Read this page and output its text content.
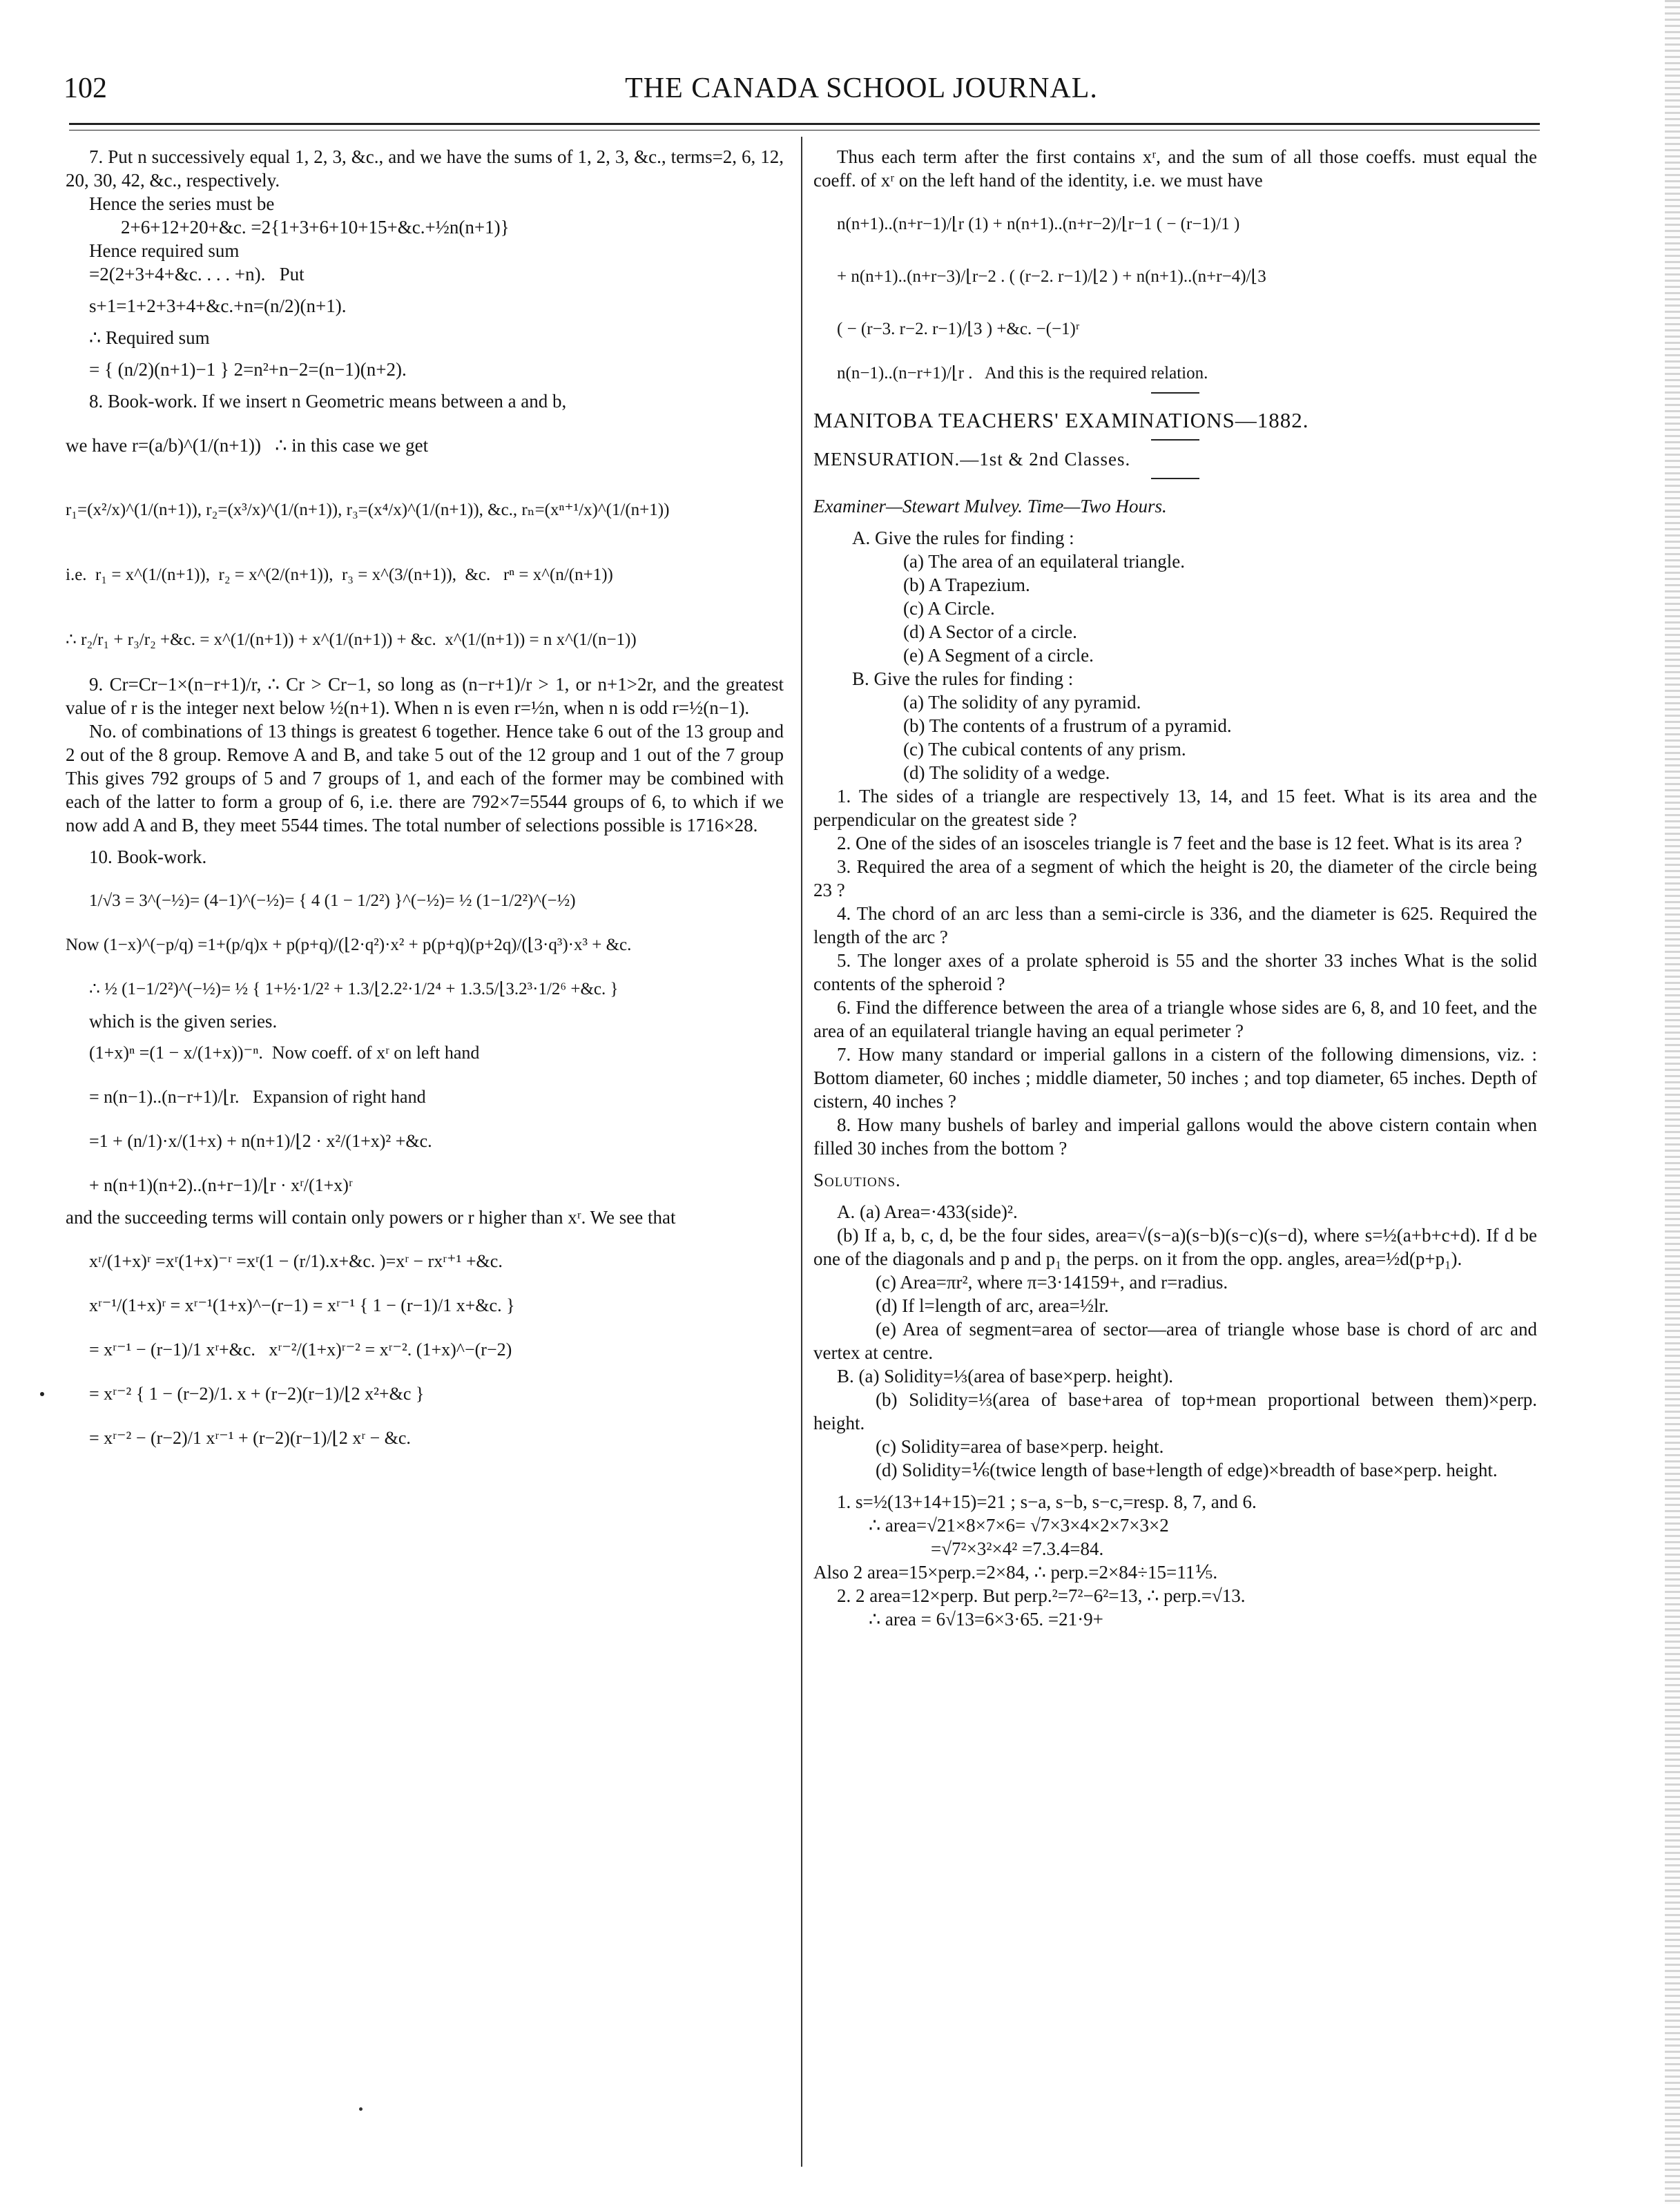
102	THE CANADA SCHOOL JOURNAL.

7. Put n successively equal 1, 2, 3, &c., and we have the sums of 1, 2, 3, &c., terms=2, 6, 12, 20, 30, 42, &c., respectively.

Hence the series must be

2+6+12+20+&c. =2{1+3+6+10+15+&c.+½n(n+1)}

Hence required sum

=2(2+3+4+&c. . . . +n).   Put

s+1=1+2+3+4+&c.+n=(n/2)(n+1).

∴ Required sum

= { (n/2)(n+1)−1 } 2=n²+n−2=(n−1)(n+2).

8. Book-work. If we insert n Geometric means between a and b,

we have r=(a/b)^(1/(n+1))   ∴ in this case we get

r₁=(x²/x)^(1/(n+1)), r₂=(x³/x)^(1/(n+1)), r₃=(x⁴/x)^(1/(n+1)), &c., rₙ=(xⁿ⁺¹/x)^(1/(n+1))

i.e.  r₁ = x^(1/(n+1)),  r₂ = x^(2/(n+1)),  r₃ = x^(3/(n+1)),  &c.   rⁿ = x^(n/(n+1))

∴ r₂/r₁ + r₃/r₂ +&c. = x^(1/(n+1)) + x^(1/(n+1)) + &c.  x^(1/(n+1)) = n x^(1/(n−1))

9. Cr=Cr−1×(n−r+1)/r, ∴ Cr > Cr−1, so long as (n−r+1)/r > 1, or n+1>2r, and the greatest value of r is the integer next below ½(n+1). When n is even r=½n, when n is odd r=½(n−1).

No. of combinations of 13 things is greatest 6 together. Hence take 6 out of the 13 group and 2 out of the 8 group. Remove A and B, and take 5 out of the 12 group and 1 out of the 7 group This gives 792 groups of 5 and 7 groups of 1, and each of the former may be combined with each of the latter to form a group of 6, i.e. there are 792×7=5544 groups of 6, to which if we now add A and B, they meet 5544 times. The total number of selections possible is 1716×28.

10. Book-work.

1/√3 = 3^(−½)= (4−1)^(−½)= { 4 (1 − 1/2²) }^(−½)= ½ (1−1/2²)^(−½)

Now (1−x)^(−p/q) =1+(p/q)x + p(p+q)/(⌊2·q²)·x² + p(p+q)(p+2q)/(⌊3·q³)·x³ + &c.

∴ ½ (1−1/2²)^(−½)= ½ { 1+½·1/2² + 1.3/⌊2.2²·1/2⁴ + 1.3.5/⌊3.2³·1/2⁶ +&c. }

which is the given series.

(1+x)ⁿ =(1 − x/(1+x))⁻ⁿ.  Now coeff. of xʳ on left hand

= n(n−1)..(n−r+1)/⌊r.   Expansion of right hand

=1 + (n/1)·x/(1+x) + n(n+1)/⌊2 · x²/(1+x)² +&c.

+ n(n+1)(n+2)..(n+r−1)/⌊r · xʳ/(1+x)ʳ

and the succeeding terms will contain only powers or r higher than xʳ. We see that

xʳ/(1+x)ʳ =xʳ(1+x)⁻ʳ =xʳ(1 − (r/1).x+&c. )=xʳ − rxʳ⁺¹ +&c.

xʳ⁻¹/(1+x)ʳ = xʳ⁻¹(1+x)^−(r−1) = xʳ⁻¹ { 1 − (r−1)/1 x+&c. }

= xʳ⁻¹ − (r−1)/1 xʳ+&c.   xʳ⁻²/(1+x)ʳ⁻² = xʳ⁻². (1+x)^−(r−2)

= xʳ⁻² { 1 − (r−2)/1. x + (r−2)(r−1)/⌊2 x²+&c }

= xʳ⁻² − (r−2)/1 xʳ⁻¹ + (r−2)(r−1)/⌊2 xʳ − &c.

Thus each term after the first contains xʳ, and the sum of all those coeffs. must equal the coeff. of xʳ on the left hand of the identity, i.e. we must have

n(n+1)..(n+r−1)/⌊r (1) + n(n+1)..(n+r−2)/⌊r−1 ( − (r−1)/1 )

+ n(n+1)..(n+r−3)/⌊r−2 . ( (r−2. r−1)/⌊2 ) + n(n+1)..(n+r−4)/⌊3

( − (r−3. r−2. r−1)/⌊3 ) +&c. −(−1)ʳ

n(n−1)..(n−r+1)/⌊r .   And this is the required relation.

MANITOBA TEACHERS' EXAMINATIONS—1882.

MENSURATION.—1st & 2nd Classes.

Examiner—Stewart Mulvey. Time—Two Hours.

A. Give the rules for finding :

(a) The area of an equilateral triangle.

(b) A Trapezium.

(c) A Circle.

(d) A Sector of a circle.

(e) A Segment of a circle.

B. Give the rules for finding :

(a) The solidity of any pyramid.

(b) The contents of a frustrum of a pyramid.

(c) The cubical contents of any prism.

(d) The solidity of a wedge.

1. The sides of a triangle are respectively 13, 14, and 15 feet. What is its area and the perpendicular on the greatest side ?

2. One of the sides of an isosceles triangle is 7 feet and the base is 12 feet. What is its area ?

3. Required the area of a segment of which the height is 20, the diameter of the circle being 23 ?

4. The chord of an arc less than a semi-circle is 336, and the diameter is 625. Required the length of the arc ?

5. The longer axes of a prolate spheroid is 55 and the shorter 33 inches What is the solid contents of the spheroid ?

6. Find the difference between the area of a triangle whose sides are 6, 8, and 10 feet, and the area of an equilateral triangle having an equal perimeter ?

7. How many standard or imperial gallons in a cistern of the following dimensions, viz. : Bottom diameter, 60 inches ; middle diameter, 50 inches ; and top diameter, 65 inches. Depth of cistern, 40 inches ?

8. How many bushels of barley and imperial gallons would the above cistern contain when filled 30 inches from the bottom ?

Solutions.

A. (a) Area=·433(side)².

(b) If a, b, c, d, be the four sides, area=√(s−a)(s−b)(s−c)(s−d), where s=½(a+b+c+d). If d be one of the diagonals and p and p₁ the perps. on it from the opp. angles, area=½d(p+p₁).

(c) Area=πr², where π=3·14159+, and r=radius.

(d) If l=length of arc, area=½lr.

(e) Area of segment=area of sector—area of triangle whose base is chord of arc and vertex at centre.

B. (a) Solidity=⅓(area of base×perp. height).

(b) Solidity=⅓(area of base+area of top+mean proportional between them)×perp. height.

(c) Solidity=area of base×perp. height.

(d) Solidity=⅙(twice length of base+length of edge)×breadth of base×perp. height.

1. s=½(13+14+15)=21 ; s−a, s−b, s−c,=resp. 8, 7, and 6.

∴ area=√21×8×7×6= √7×3×4×2×7×3×2

=√7²×3²×4² =7.3.4=84.

Also 2 area=15×perp.=2×84, ∴ perp.=2×84÷15=11⅕.

2. 2 area=12×perp. But perp.²=7²−6²=13, ∴ perp.=√13.

∴ area = 6√13=6×3·65. =21·9+
